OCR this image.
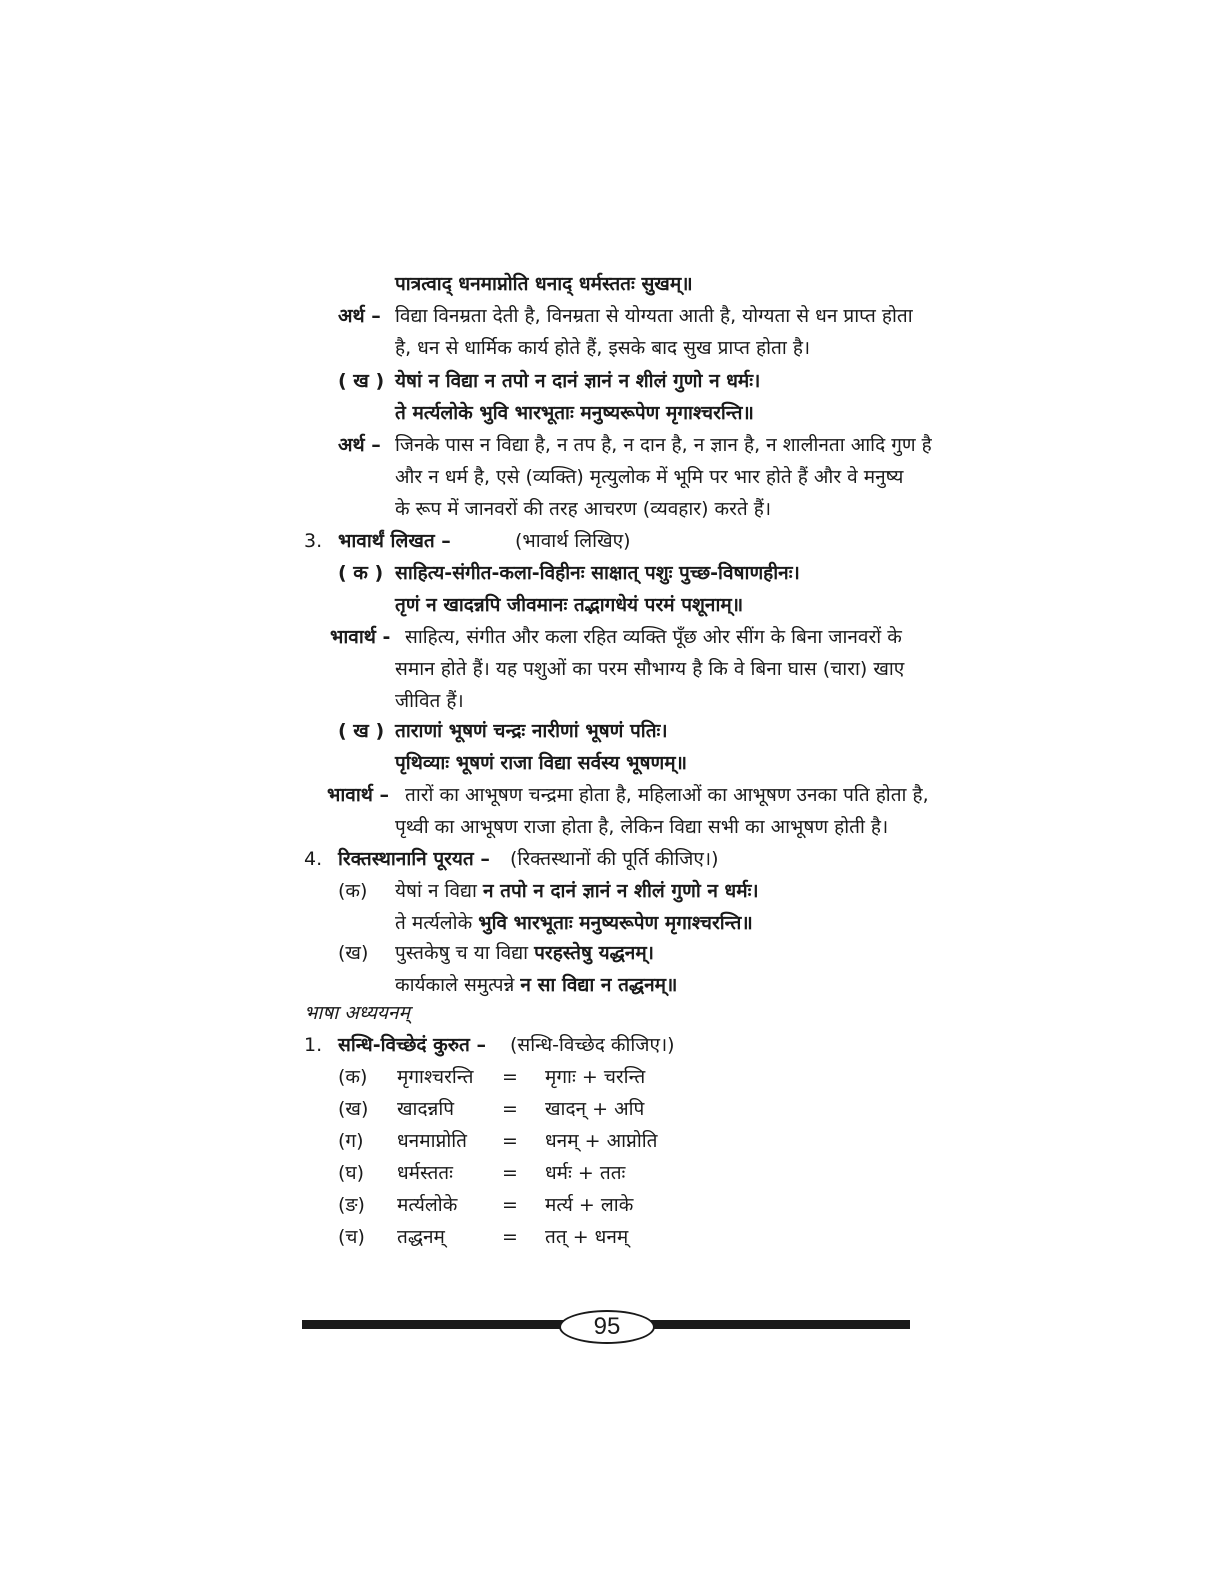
पात्रत्वाद् धनमाप्नोति धनाद् धर्मस्ततः सुखम्॥
अर्थ – विद्या विनम्रता देती है, विनम्रता से योग्यता आती है, योग्यता से धन प्राप्त होता
है, धन से धार्मिक कार्य होते हैं, इसके बाद सुख प्राप्त होता है।
( ख ) येषां न विद्या न तपो न दानं ज्ञानं न शीलं गुणो न धर्मः।
ते मर्त्यलोके भुवि भारभूताः मनुष्यरूपेण मृगाश्चरन्ति॥
अर्थ – जिनके पास न विद्या है, न तप है, न दान है, न ज्ञान है, न शालीनता आदि गुण है
और न धर्म है, एसे (व्यक्ति) मृत्युलोक में भूमि पर भार होते हैं और वे मनुष्य
के रूप में जानवरों की तरह आचरण (व्यवहार) करते हैं।
3. भावार्थं लिखत –	(भावार्थ लिखिए)
( क ) साहित्य-संगीत-कला-विहीनः साक्षात् पशुः पुच्छ-विषाणहीनः।
तृणं न खादन्नपि जीवमानः तद्भागधेयं परमं पशूनाम्॥
भावार्थ - साहित्य, संगीत और कला रहित व्यक्ति पूँछ ओर सींग के बिना जानवरों के
समान होते हैं। यह पशुओं का परम सौभाग्य है कि वे बिना घास (चारा) खाए
जीवित हैं।
( ख ) ताराणां भूषणं चन्द्रः नारीणां भूषणं पतिः।
पृथिव्याः भूषणं राजा विद्या सर्वस्य भूषणम्॥
भावार्थ – तारों का आभूषण चन्द्रमा होता है, महिलाओं का आभूषण उनका पति होता है,
पृथ्वी का आभूषण राजा होता है, लेकिन विद्या सभी का आभूषण होती है।
4. रिक्तस्थानानि पूरयत – (रिक्तस्थानों की पूर्ति कीजिए।)
(क) येषां न विद्या न तपो न दानं ज्ञानं न शीलं गुणो न धर्मः।
ते मर्त्यलोके भुवि भारभूताः मनुष्यरूपेण मृगाश्चरन्ति॥
(ख) पुस्तकेषु च या विद्या परहस्तेषु यद्धनम्।
कार्यकाले समुत्पन्ने न सा विद्या न तद्धनम्॥
भाषा अध्ययनम्
1. सन्धि-विच्छेदं कुरुत – (सन्धि-विच्छेद कीजिए।)
(क) मृगाश्चरन्ति = मृगाः + चरन्ति
(ख) खादन्नपि	= खादन् + अपि
(ग) धनमाप्नोति = धनम् + आप्नोति
(घ) धर्मस्ततः	= धर्मः + ततः
(ङ) मर्त्यलोके = मर्त्य + लाके
(च) तद्धनम्	= तत् + धनम्
95
